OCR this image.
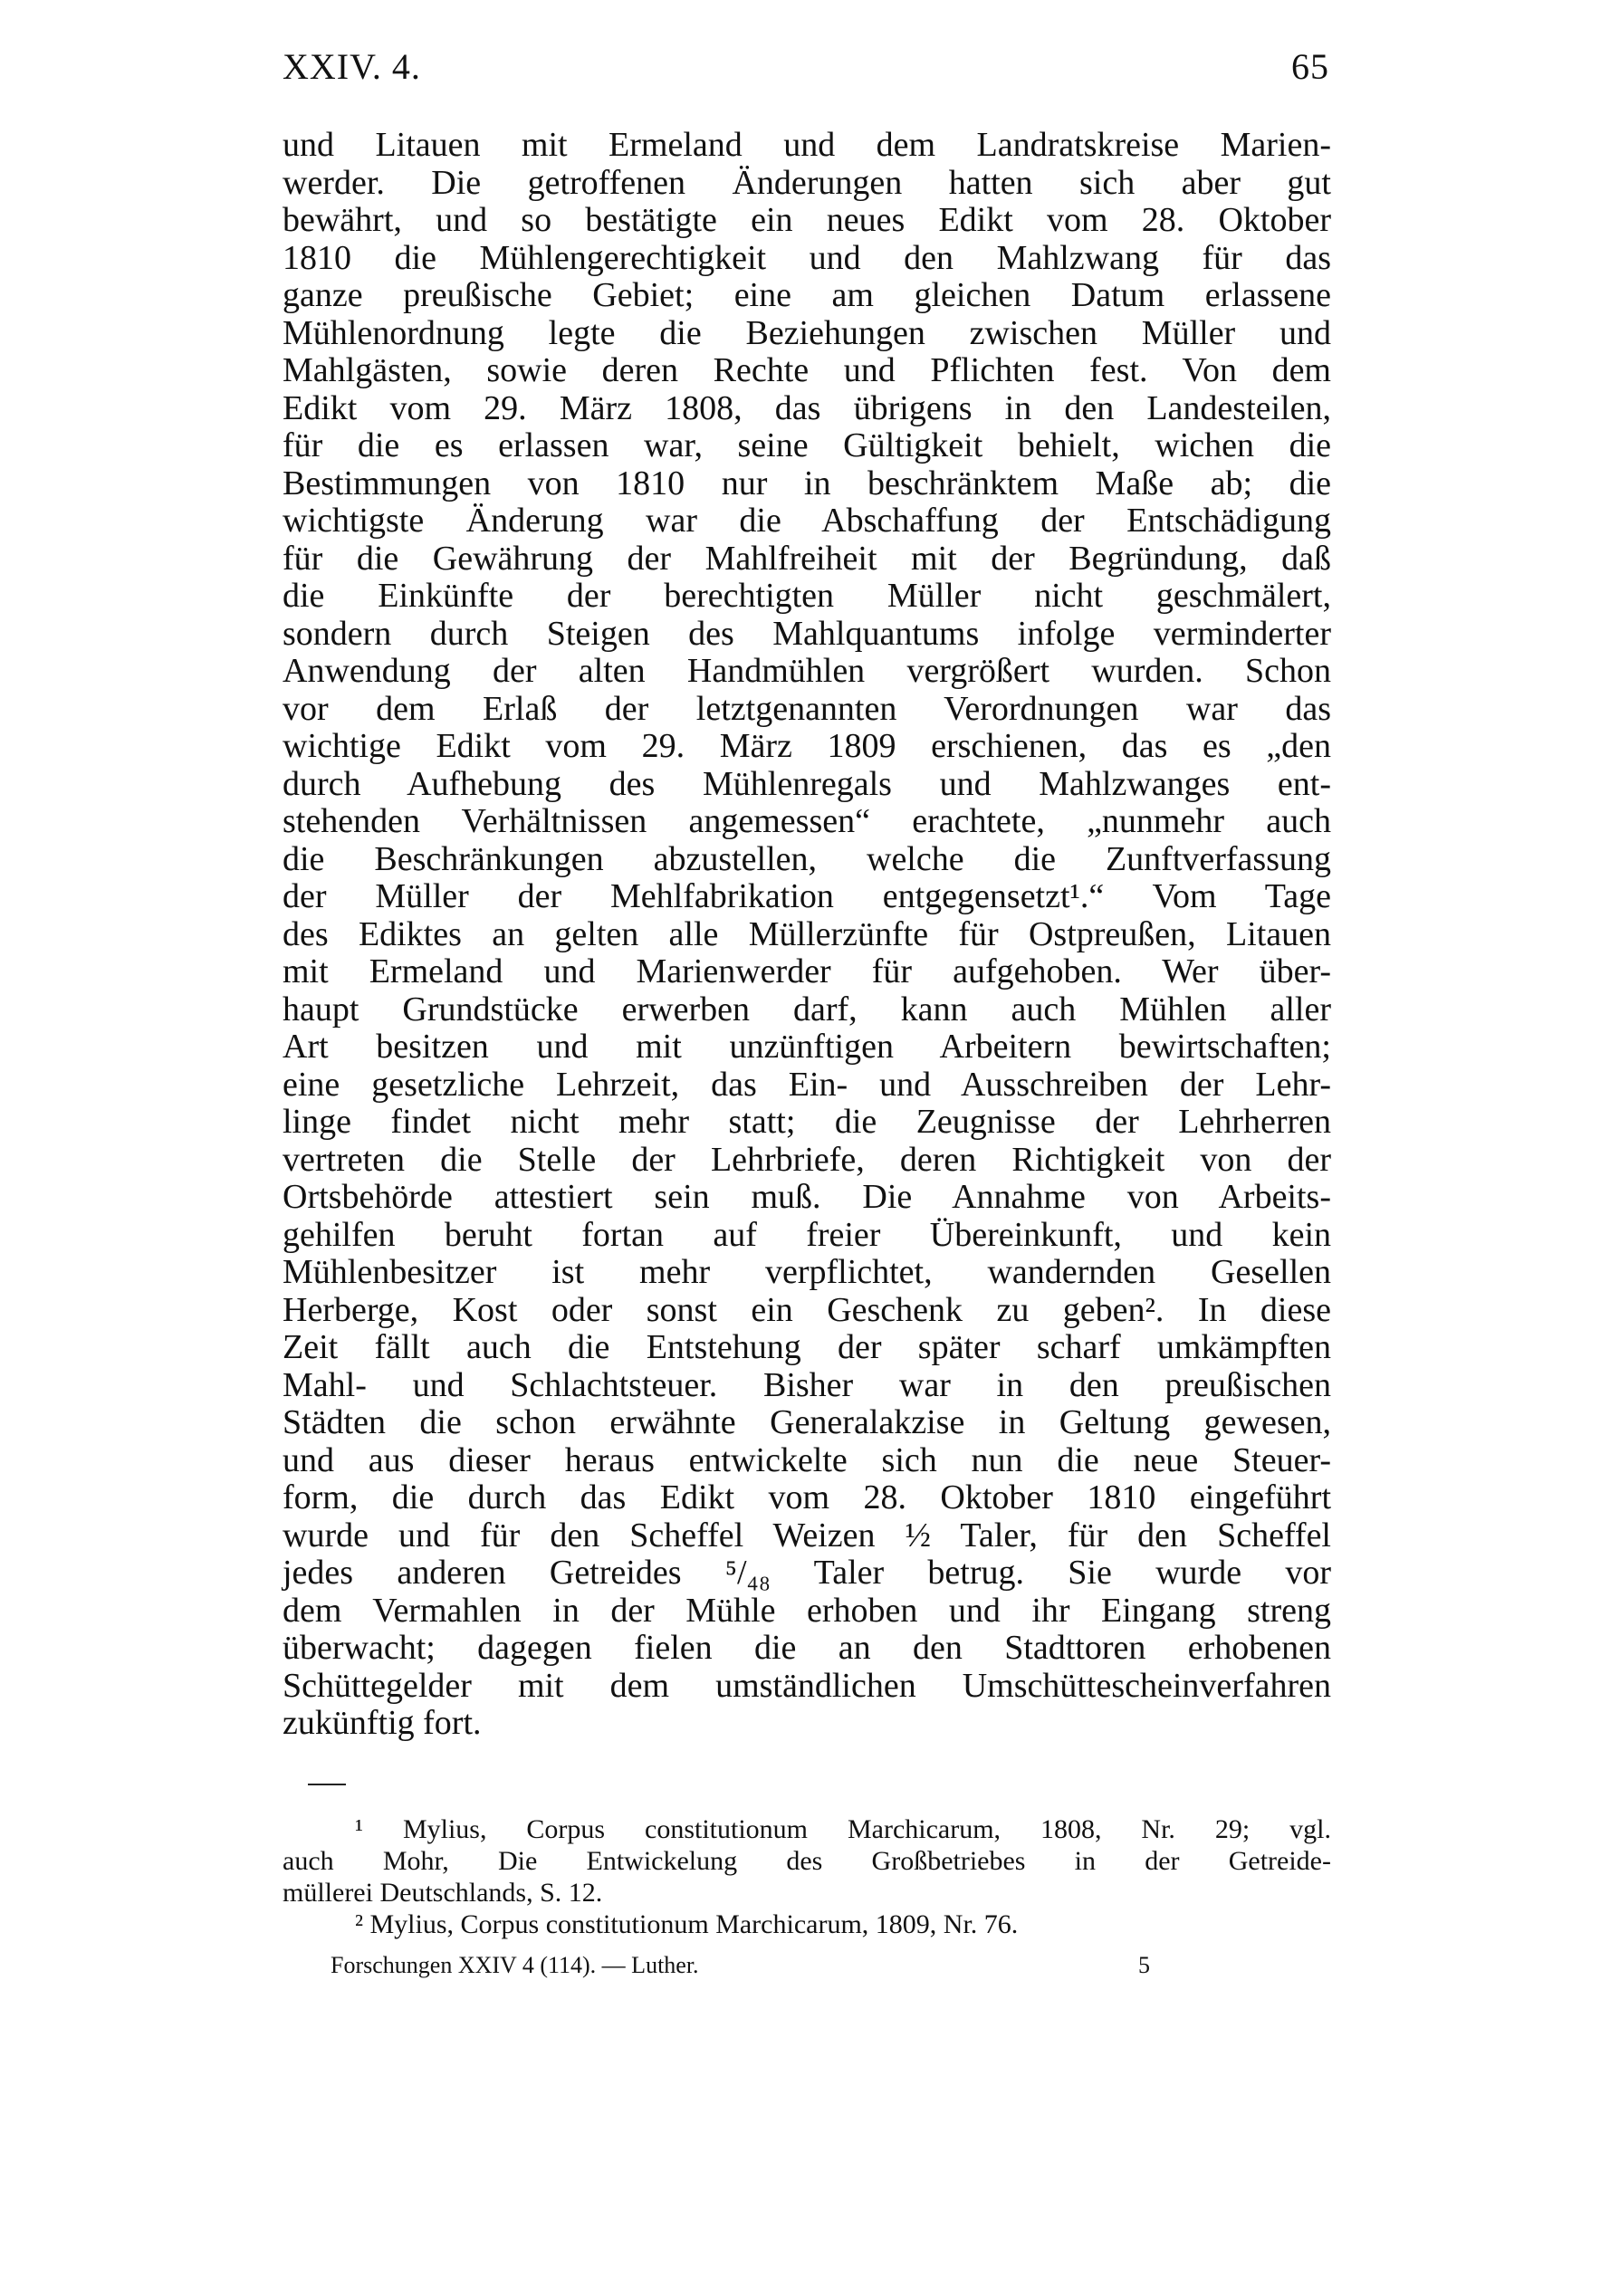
XXIV. 4.	65
und Litauen mit Ermeland und dem Landratskreise Marien-
werder. Die getroffenen Änderungen hatten sich aber gut
bewährt, und so bestätigte ein neues Edikt vom 28. Oktober
1810 die Mühlengerechtigkeit und den Mahlzwang für das
ganze preußische Gebiet; eine am gleichen Datum erlassene
Mühlenordnung legte die Beziehungen zwischen Müller und
Mahlgästen, sowie deren Rechte und Pflichten fest. Von dem
Edikt vom 29. März 1808, das übrigens in den Landesteilen,
für die es erlassen war, seine Gültigkeit behielt, wichen die
Bestimmungen von 1810 nur in beschränktem Maße ab; die
wichtigste Änderung war die Abschaffung der Entschädigung
für die Gewährung der Mahlfreiheit mit der Begründung, daß
die Einkünfte der berechtigten Müller nicht geschmälert,
sondern durch Steigen des Mahlquantums infolge verminderter
Anwendung der alten Handmühlen vergrößert wurden. Schon
vor dem Erlaß der letztgenannten Verordnungen war das
wichtige Edikt vom 29. März 1809 erschienen, das es „den
durch Aufhebung des Mühlenregals und Mahlzwanges ent-
stehenden Verhältnissen angemessen“ erachtete, „nunmehr auch
die Beschränkungen abzustellen, welche die Zunftverfassung
der Müller der Mehlfabrikation entgegensetzt¹.“ Vom Tage
des Ediktes an gelten alle Müllerzünfte für Ostpreußen, Litauen
mit Ermeland und Marienwerder für aufgehoben. Wer über-
haupt Grundstücke erwerben darf, kann auch Mühlen aller
Art besitzen und mit unzünftigen Arbeitern bewirtschaften;
eine gesetzliche Lehrzeit, das Ein- und Ausschreiben der Lehr-
linge findet nicht mehr statt; die Zeugnisse der Lehrherren
vertreten die Stelle der Lehrbriefe, deren Richtigkeit von der
Ortsbehörde attestiert sein muß. Die Annahme von Arbeits-
gehilfen beruht fortan auf freier Übereinkunft, und kein
Mühlenbesitzer ist mehr verpflichtet, wandernden Gesellen
Herberge, Kost oder sonst ein Geschenk zu geben². In diese
Zeit fällt auch die Entstehung der später scharf umkämpften
Mahl- und Schlachtsteuer. Bisher war in den preußischen
Städten die schon erwähnte Generalakzise in Geltung gewesen,
und aus dieser heraus entwickelte sich nun die neue Steuer-
form, die durch das Edikt vom 28. Oktober 1810 eingeführt
wurde und für den Scheffel Weizen ½ Taler, für den Scheffel
jedes anderen Getreides ⁵/₄₈ Taler betrug. Sie wurde vor
dem Vermahlen in der Mühle erhoben und ihr Eingang streng
überwacht; dagegen fielen die an den Stadttoren erhobenen
Schüttegelder mit dem umständlichen Umschüttescheinverfahren
zukünftig fort.
¹ Mylius, Corpus constitutionum Marchicarum, 1808, Nr. 29; vgl.
auch Mohr, Die Entwickelung des Großbetriebes in der Getreide-
müllerei Deutschlands, S. 12.
² Mylius, Corpus constitutionum Marchicarum, 1809, Nr. 76.
Forschungen XXIV 4 (114). — Luther.	5
